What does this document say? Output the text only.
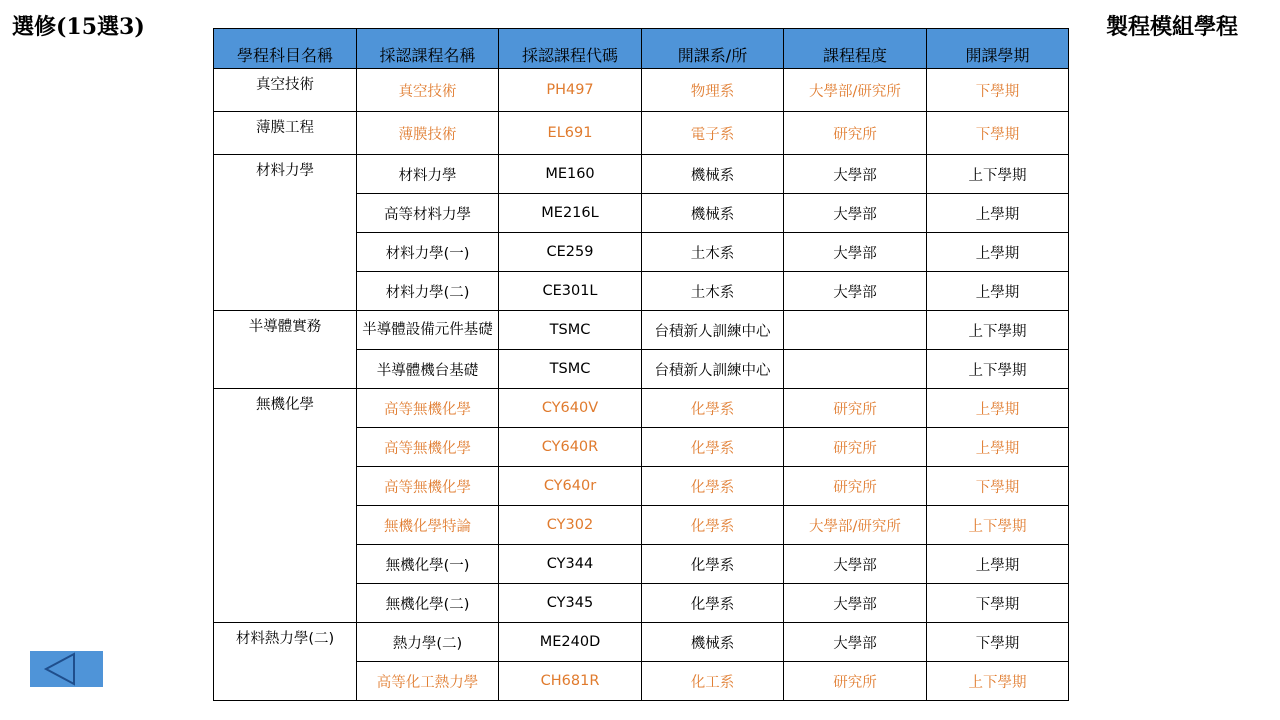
選修(15選3)	製程模組學程
學程科目名稱	採認課程名稱	採認課程代碼	開課系/所	課程程度	開課學期

真空技術	真空技術	PH497	物理系	大學部/研究所	下學期
薄膜工程	薄膜技術	EL691	電子系	研究所	下學期
材料力學	材料力學	ME160	機械系	大學部	上下學期
	高等材料力學	ME216L	機械系	大學部	上學期
	材料力學(一)	CE259	土木系	大學部	上學期
	材料力學(二)	CE301L	土木系	大學部	上學期
半導體實務	半導體設備元件基礎	TSMC	台積新人訓練中心		上下學期
	半導體機台基礎	TSMC	台積新人訓練中心		上下學期
無機化學	高等無機化學	CY640V	化學系	研究所	上學期
	高等無機化學	CY640R	化學系	研究所	上學期
	高等無機化學	CY640r	化學系	研究所	下學期
	無機化學特論	CY302	化學系	大學部/研究所	上下學期
	無機化學(一)	CY344	化學系	大學部	上學期
	無機化學(二)	CY345	化學系	大學部	下學期
材料熱力學(二)	熱力學(二)	ME240D	機械系	大學部	下學期
	高等化工熱力學	CH681R	化工系	研究所	上下學期
